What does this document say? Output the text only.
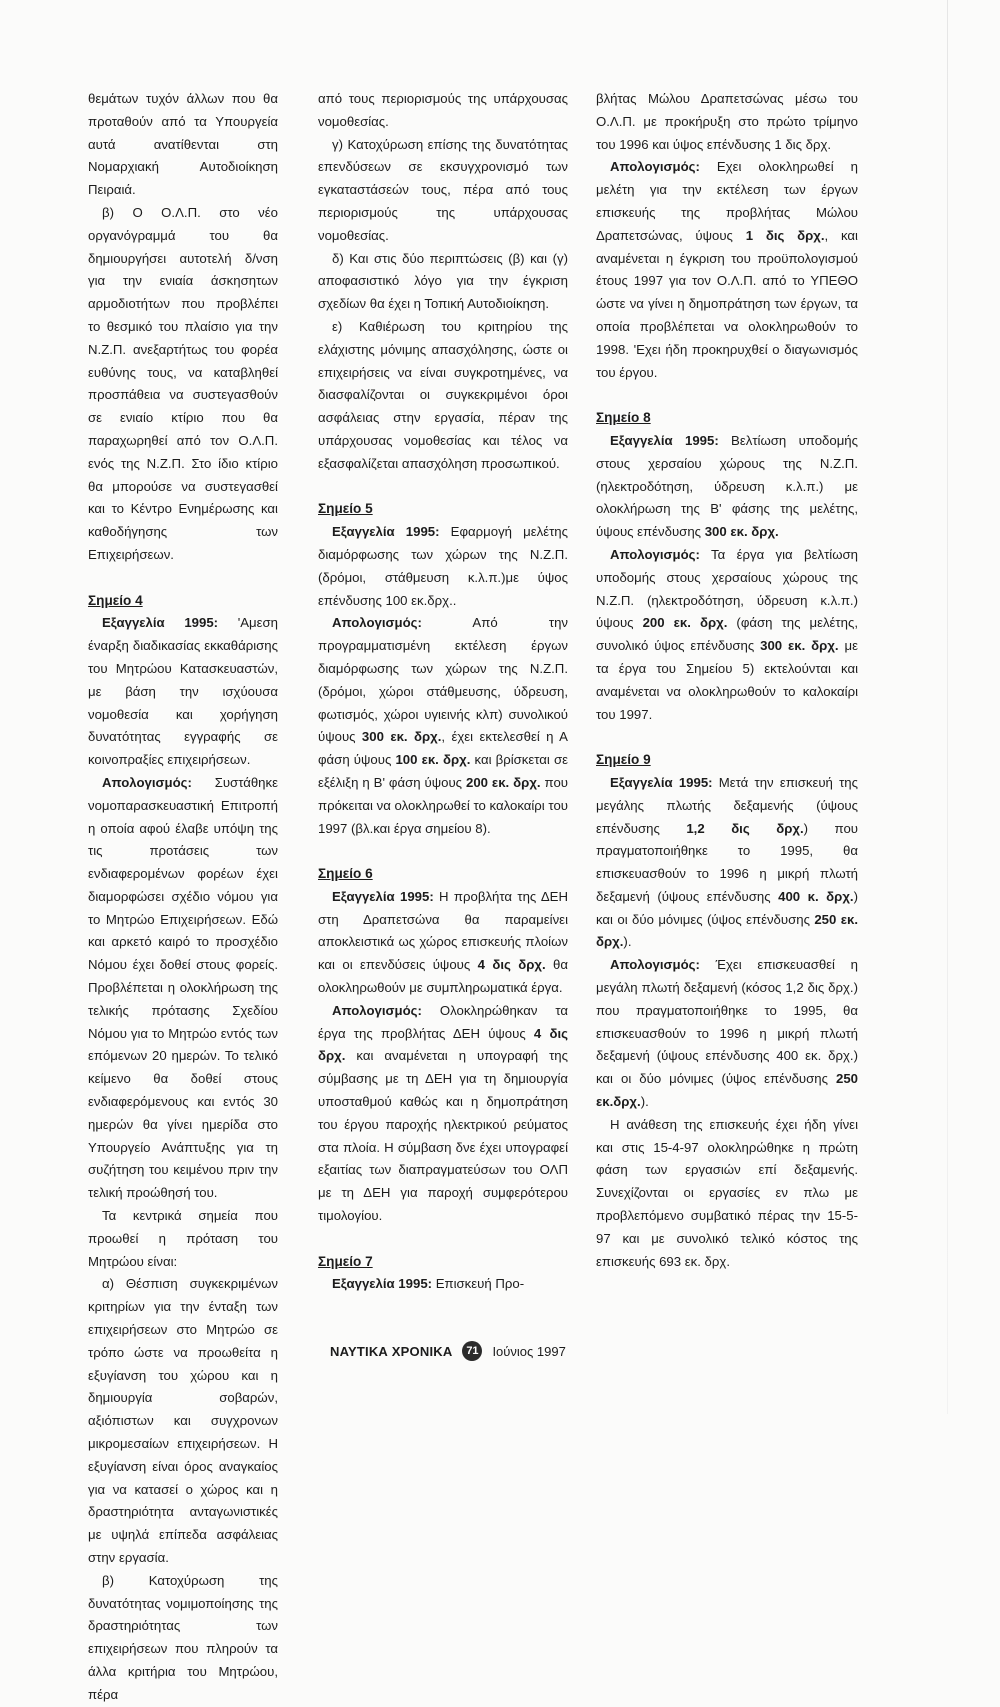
θεμάτων τυχόν άλλων που θα προταθούν από τα Υπουργεία αυτά ανατίθενται στη Νομαρχιακή Αυτοδιοίκηση Πειραιά.

β) Ο Ο.Λ.Π. στο νέο οργανόγραμμά του θα δημιουργήσει αυτοτελή δ/νση για την ενιαία άσκησητων αρμοδιοτήτων που προβλέπει το θεσμικό του πλαίσιο για την Ν.Ζ.Π. ανεξαρτήτως του φορέα ευθύνης τους, να καταβληθεί προσπάθεια να συστεγασθούν σε ενιαίο κτίριο που θα παραχωρηθεί από τον Ο.Λ.Π. ενός της Ν.Ζ.Π. Στο ίδιο κτίριο θα μπορούσε να συστεγασθεί και το Κέντρο Ενημέρωσης και καθοδήγησης των Επιχειρήσεων.

Σημείο 4

Εξαγγελία 1995: 'Αμεση έναρξη διαδικασίας εκκαθάρισης του Μητρώου Κατασκευαστών, με βάση την ισχύουσα νομοθεσία και χορήγηση δυνατότητας εγγραφής σε κοινοπραξίες επιχειρήσεων.

Απολογισμός: Συστάθηκε νομοπαρασκευαστική Επιτροπή η οποία αφού έλαβε υπόψη της τις προτάσεις των ενδιαφερομένων φορέων έχει διαμορφώσει σχέδιο νόμου για το Μητρώο Επιχειρήσεων. Εδώ και αρκετό καιρό το προσχέδιο Νόμου έχει δοθεί στους φορείς. Προβλέπεται η ολοκλήρωση της τελικής πρότασης Σχεδίου Νόμου για το Μητρώο εντός των επόμενων 20 ημερών. Το τελικό κείμενο θα δοθεί στους ενδιαφερόμενους και εντός 30 ημερών θα γίνει ημερίδα στο Υπουργείο Ανάπτυξης για τη συζήτηση του κειμένου πριν την τελική προώθησή του.

Τα κεντρικά σημεία που προωθεί η πρόταση του Μητρώου είναι:

α) Θέσπιση συγκεκριμένων κριτηρίων για την ένταξη των επιχειρήσεων στο Μητρώο σε τρόπο ώστε να προωθείτα η εξυγίανση του χώρου και η δημιουργία σοβαρών, αξιόπιστων και συγχρονων μικρομεσαίων επιχειρήσεων. Η εξυγίανση είναι όρος αναγκαίος για να κατασεί ο χώρος και η δραστηριότητα ανταγωνιστικές με υψηλά επίπεδα ασφάλειας στην εργασία.

β) Κατοχύρωση της δυνατότητας νομιμοποίησης της δραστηριότητας των επιχειρήσεων που πληρούν τα άλλα κριτήρια του Μητρώου, πέρα

από τους περιορισμούς της υπάρχουσας νομοθεσίας.

γ) Κατοχύρωση επίσης της δυνατότητας επενδύσεων σε εκσυγχρονισμό των εγκαταστάσεών τους, πέρα από τους περιορισμούς της υπάρχουσας νομοθεσίας.

δ) Και στις δύο περιπτώσεις (β) και (γ) αποφασιστικό λόγο για την έγκριση σχεδίων θα έχει η Τοπική Αυτοδιοίκηση.

ε) Καθιέρωση του κριτηρίου της ελάχιστης μόνιμης απασχόλησης, ώστε οι επιχειρήσεις να είναι συγκροτημένες, να διασφαλίζονται οι συγκεκριμένοι όροι ασφάλειας στην εργασία, πέραν της υπάρχουσας νομοθεσίας και τέλος να εξασφαλίζεται απασχόληση προσωπικού.

Σημείο 5

Εξαγγελία 1995: Εφαρμογή μελέτης διαμόρφωσης των χώρων της Ν.Ζ.Π. (δρόμοι, στάθμευση κ.λ.π.)με ύψος επένδυσης 100 εκ.δρχ..

Απολογισμός: Από την προγραμματισμένη εκτέλεση έργων διαμόρφωσης των χώρων της Ν.Ζ.Π. (δρόμοι, χώροι στάθμευσης, ύδρευση, φωτισμός, χώροι υγιεινής κλπ) συνολικού ύψους 300 εκ. δρχ., έχει εκτελεσθεί η Α φάση ύψους 100 εκ. δρχ. και βρίσκεται σε εξέλιξη η Β' φάση ύψους 200 εκ. δρχ. που πρόκειται να ολοκληρωθεί το καλοκαίρι του 1997 (βλ.και έργα σημείου 8).

Σημείο 6

Εξαγγελία 1995: Η προβλήτα της ΔΕΗ στη Δραπετσώνα θα παραμείνει αποκλειστικά ως χώρος επισκευής πλοίων και οι επενδύσεις ύψους 4 δις δρχ. θα ολοκληρωθούν με συμπληρωματικά έργα.

Απολογισμός: Ολοκληρώθηκαν τα έργα της προβλήτας ΔΕΗ ύψους 4 δις δρχ. και αναμένεται η υπογραφή της σύμβασης με τη ΔΕΗ για τη δημιουργία υποσταθμού καθώς και η δημοπράτηση του έργου παροχής ηλεκτρικού ρεύματος στα πλοία. Η σύμβαση δνε έχει υπογραφεί εξαιτίας των διαπραγματεύσων του ΟΛΠ με τη ΔΕΗ για παροχή συμφερότερου τιμολογίου.

Σημείο 7

Εξαγγελία 1995: Επισκευή Προ-

βλήτας Μώλου Δραπετσώνας μέσω του Ο.Λ.Π. με προκήρυξη στο πρώτο τρίμηνο του 1996 και ύψος επένδυσης 1 δις δρχ.

Απολογισμός: Εχει ολοκληρωθεί η μελέτη για την εκτέλεση των έργων επισκευής της προβλήτας Μώλου Δραπετσώνας, ύψους 1 δις δρχ., και αναμένεται η έγκριση του προϋπολογισμού έτους 1997 για τον Ο.Λ.Π. από το ΥΠΕΘΟ ώστε να γίνει η δημοπράτηση των έργων, τα οποία προβλέπεται να ολοκληρωθούν το 1998. 'Εχει ήδη προκηρυχθεί ο διαγωνισμός του έργου.

Σημείο 8

Εξαγγελία 1995: Βελτίωση υποδομής στους χερσαίου χώρους της Ν.Ζ.Π. (ηλεκτροδότηση, ύδρευση κ.λ.π.) με ολοκλήρωση της Β' φάσης της μελέτης, ύψους επένδυσης 300 εκ. δρχ.

Απολογισμός: Τα έργα για βελτίωση υποδομής στους χερσαίους χώρους της Ν.Ζ.Π. (ηλεκτροδότηση, ύδρευση κ.λ.π.) ύψους 200 εκ. δρχ. (φάση της μελέτης, συνολικό ύψος επένδυσης 300 εκ. δρχ. με τα έργα του Σημείου 5) εκτελούνται και αναμένεται να ολοκληρωθούν το καλοκαίρι του 1997.

Σημείο 9

Εξαγγελία 1995: Μετά την επισκευή της μεγάλης πλωτής δεξαμενής (ύψους επένδυσης 1,2 δις δρχ.) που πραγματοποιήθηκε το 1995, θα επισκευασθούν το 1996 η μικρή πλωτή δεξαμενή (ύψους επένδυσης 400 κ. δρχ.) και οι δύο μόνιμες (ύψος επένδυσης 250 εκ. δρχ.).

Απολογισμός: Έχει επισκευασθεί η μεγάλη πλωτή δεξαμενή (κόσος 1,2 δις δρχ.) που πραγματοποιήθηκε το 1995, θα επισκευασθούν το 1996 η μικρή πλωτή δεξαμενή (ύψους επένδυσης 400 εκ. δρχ.) και οι δύο μόνιμες (ύψος επένδυσης 250 εκ.δρχ.).

Η ανάθεση της επισκευής έχει ήδη γίνει και στις 15-4-97 ολοκληρώθηκε η πρώτη φάση των εργασιών επί δεξαμενής. Συνεχίζονται οι εργασίες εν πλω με προβλεπόμενο συμβατικό πέρας την 15-5-97 και με συνολικό τελικό κόστος της επισκευής 693 εκ. δρχ.

ΝΑΥΤΙΚΑ ΧΡΟΝΙΚΑ	71 Ιούνιος 1997
